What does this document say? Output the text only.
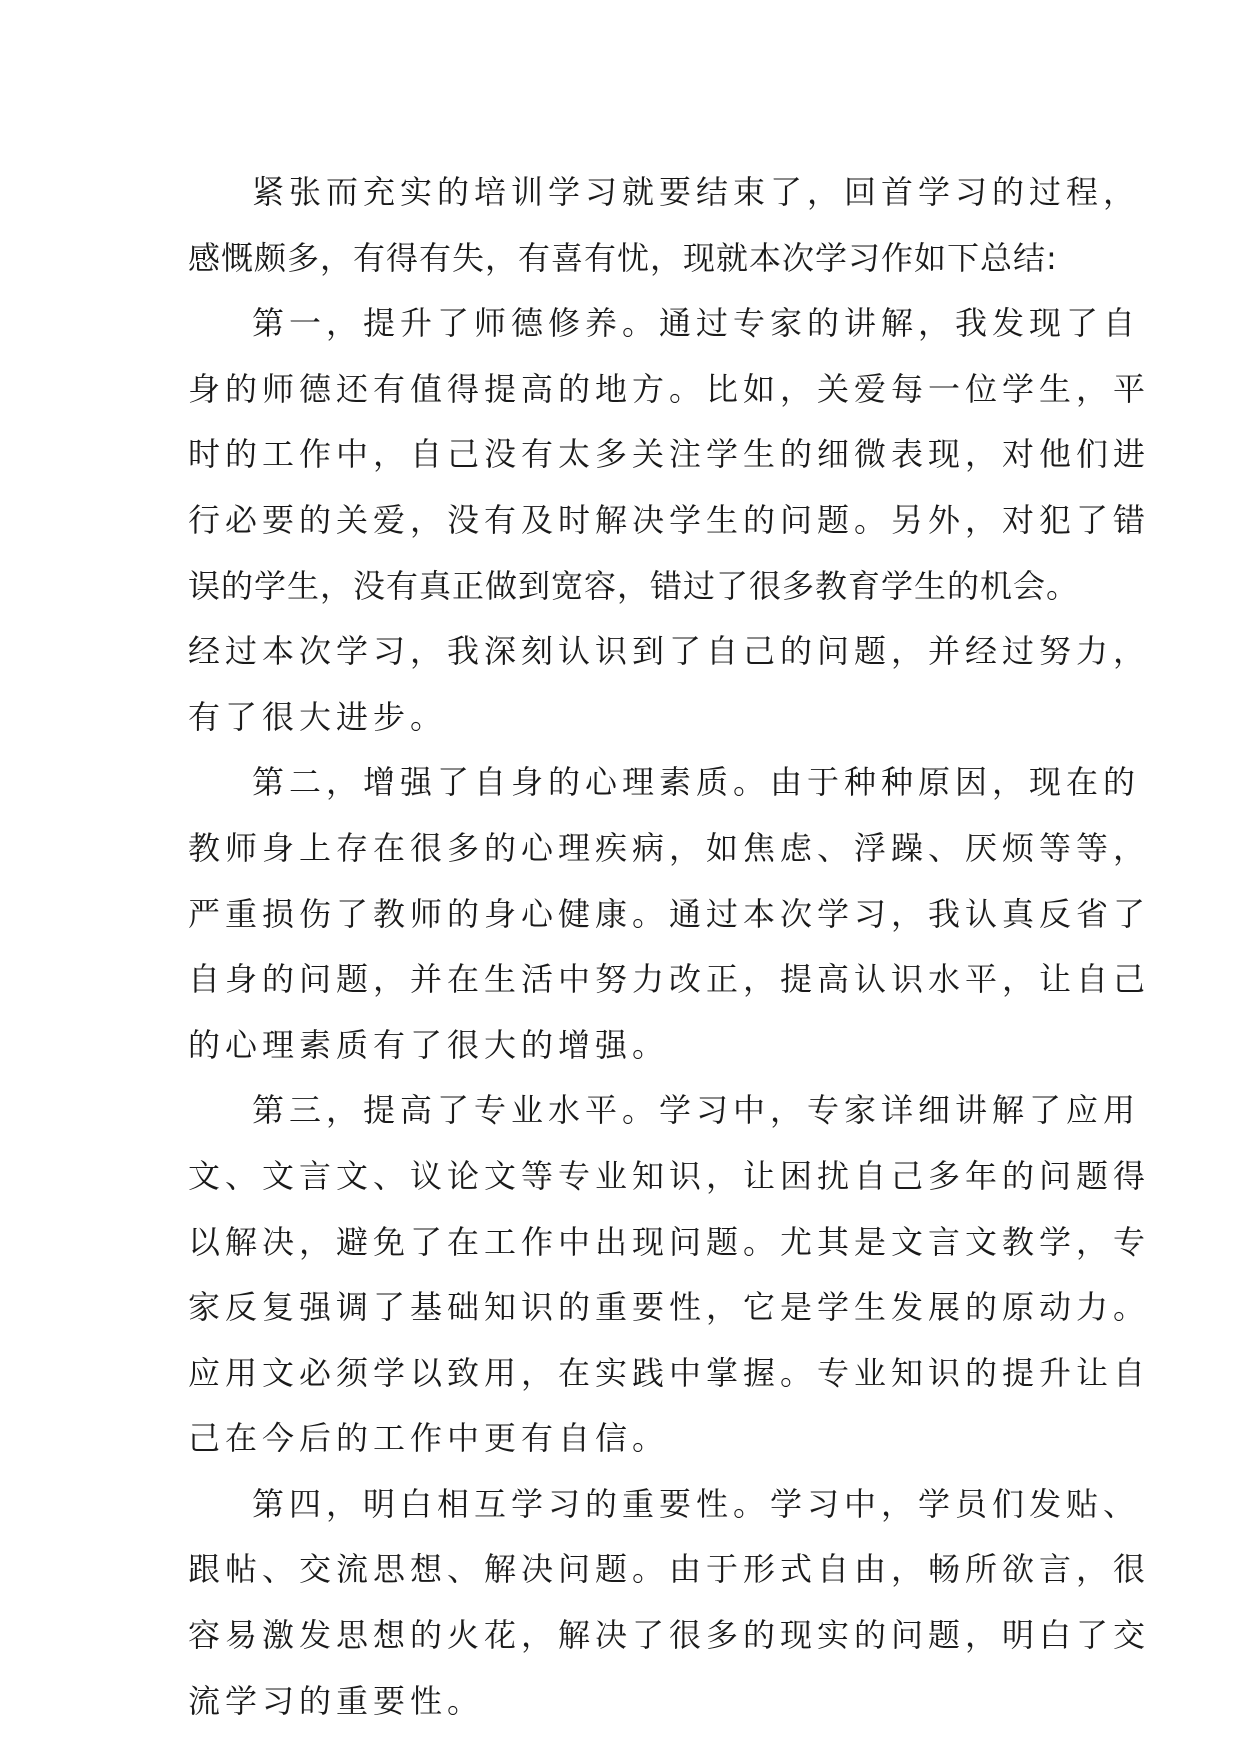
紧张而充实的培训学习就要结束了，回首学习的过程，
感慨颇多，有得有失，有喜有忧，现就本次学习作如下总结:
第一，提升了师德修养。通过专家的讲解，我发现了自
身的师德还有值得提高的地方。比如，关爱每一位学生，平
时的工作中，自己没有太多关注学生的细微表现，对他们进
行必要的关爱，没有及时解决学生的问题。另外，对犯了错
误的学生，没有真正做到宽容，错过了很多教育学生的机会。
经过本次学习，我深刻认识到了自己的问题，并经过努力，
有了很大进步。
第二，增强了自身的心理素质。由于种种原因，现在的
教师身上存在很多的心理疾病，如焦虑、浮躁、厌烦等等，
严重损伤了教师的身心健康。通过本次学习，我认真反省了
自身的问题，并在生活中努力改正，提高认识水平，让自己
的心理素质有了很大的增强。
第三，提高了专业水平。学习中，专家详细讲解了应用
文、文言文、议论文等专业知识，让困扰自己多年的问题得
以解决，避免了在工作中出现问题。尤其是文言文教学，专
家反复强调了基础知识的重要性，它是学生发展的原动力。
应用文必须学以致用，在实践中掌握。专业知识的提升让自
己在今后的工作中更有自信。
第四，明白相互学习的重要性。学习中，学员们发贴、
跟帖、交流思想、解决问题。由于形式自由，畅所欲言，很
容易激发思想的火花，解决了很多的现实的问题，明白了交
流学习的重要性。
